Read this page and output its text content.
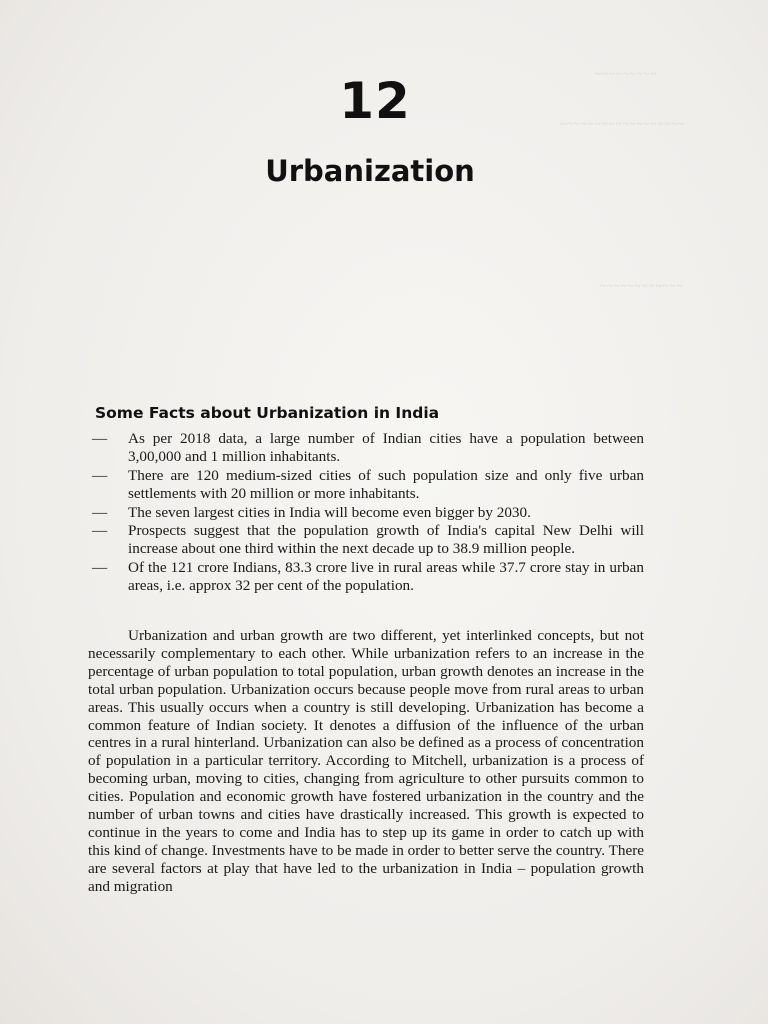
~~~~~~~~~
~~~~~~~~~~~~~~~~~~
~~~~~~~~~~~~
12
Urbanization
Some Facts about Urbanization in India
— As per 2018 data, a large number of Indian cities have a population between 3,00,000 and 1 million inhabitants.
— There are 120 medium-sized cities of such population size and only five urban settlements with 20 million or more inhabitants.
— The seven largest cities in India will become even bigger by 2030.
— Prospects suggest that the population growth of India's capital New Delhi will increase about one third within the next decade up to 38.9 million people.
— Of the 121 crore Indians, 83.3 crore live in rural areas while 37.7 crore stay in urban areas, i.e. approx 32 per cent of the population.

Urbanization and urban growth are two different, yet interlinked concepts, but not necessarily complementary to each other. While urbanization refers to an increase in the percentage of urban population to total population, urban growth denotes an increase in the total urban population. Urbanization occurs because people move from rural areas to urban areas. This usually occurs when a country is still developing. Urbanization has become a common feature of Indian society. It denotes a diffusion of the influence of the urban centres in a rural hinterland. Urbanization can also be defined as a process of concentration of population in a particular territory. According to Mitchell, urbanization is a process of becoming urban, moving to cities, changing from agriculture to other pursuits common to cities. Population and economic growth have fostered urbanization in the country and the number of urban towns and cities have drastically increased. This growth is expected to continue in the years to come and India has to step up its game in order to catch up with this kind of change. Investments have to be made in order to better serve the country. There are several factors at play that have led to the urbanization in India – population growth and migration
